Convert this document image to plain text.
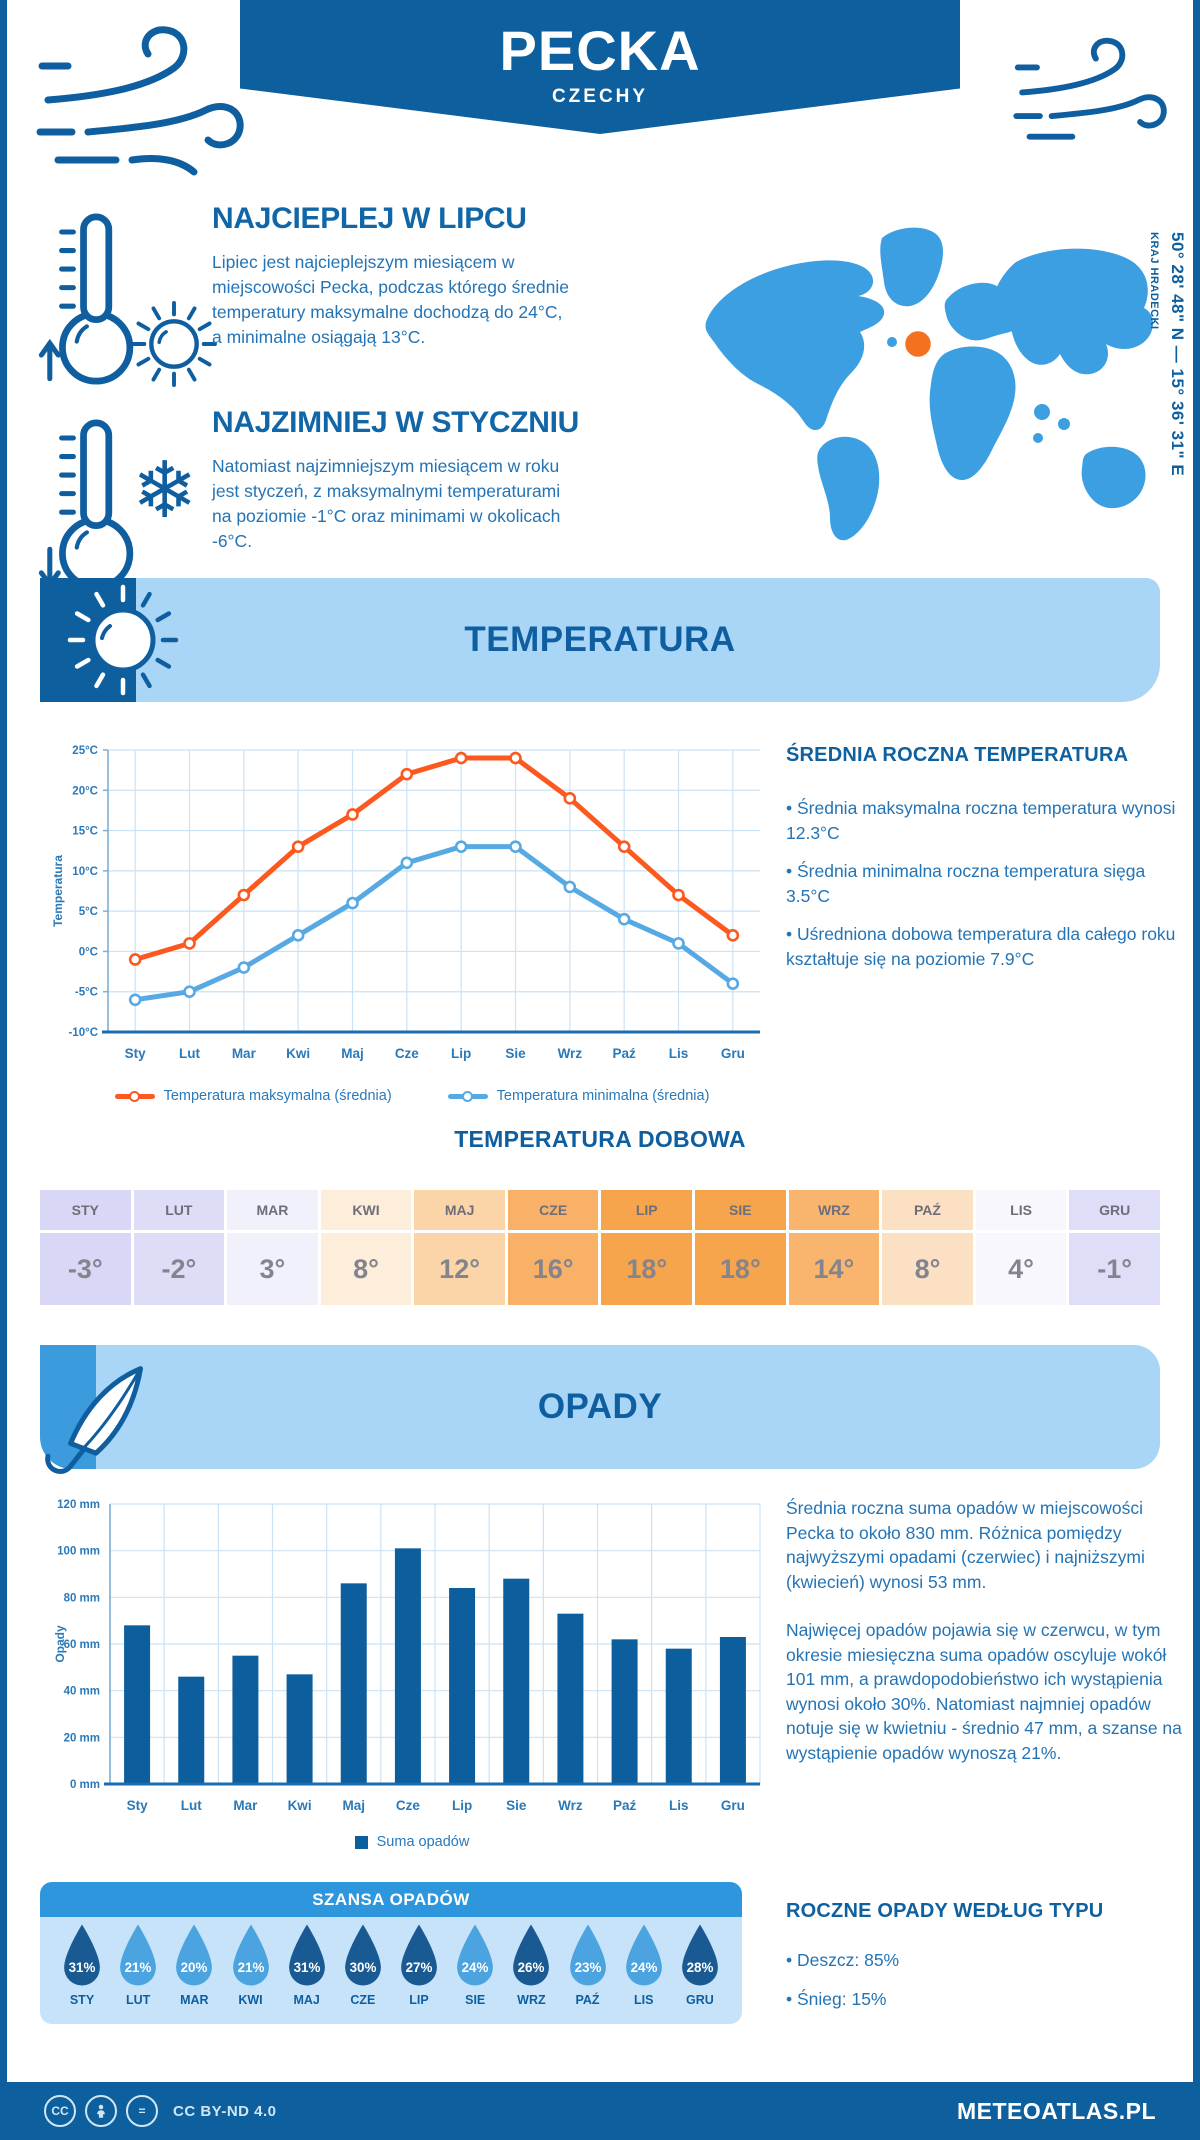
PECKA
CZECHY
NAJCIEPLEJ W LIPCU
Lipiec jest najcieplejszym miesiącem w miejscowości Pecka, podczas którego średnie temperatury maksymalne dochodzą do 24°C, a minimalne osiągają 13°C.
❄
NAJZIMNIEJ W STYCZNIU
Natomiast najzimniejszym miesiącem w roku jest styczeń, z maksymalnymi temperaturami na poziomie -1°C oraz minimami w okolicach -6°C.
50° 28' 48" N — 15° 36' 31" E
KRAJ HRADECKI
TEMPERATURA
-10°C
-5°C
0°C
5°C
10°C
15°C
20°C
25°C
Sty Lut Mar Kwi Maj Cze Lip	Sie Wrz Paź Lis Gru
Temperatura
Temperatura maksymalna (średnia)	Temperatura minimalna (średnia)
ŚREDNIA ROCZNA TEMPERATURA
• Średnia maksymalna roczna temperatura wynosi 12.3°C
• Średnia minimalna roczna temperatura sięga 3.5°C
• Uśredniona dobowa temperatura dla całego roku kształtuje się na poziomie 7.9°C
TEMPERATURA DOBOWA
STY
-3°
LUT
-2°
MAR
3°
KWI
8°
MAJ
12°
CZE
16°
LIP
18°
SIE
18°
WRZ
14°
PAŹ
8°
LIS
4°
GRU
-1°
OPADY
0 mm
20 mm
40 mm
60 mm
80 mm
100 mm
120 mm
Sty Lut Mar Kwi Maj Cze Lip	Sie Wrz Paź Lis Gru
Opady
Suma opadów
Średnia roczna suma opadów w miejscowości Pecka to około 830 mm. Różnica pomiędzy najwyższymi opadami (czerwiec) i najniższymi (kwiecień) wynosi 53 mm.
Najwięcej opadów pojawia się w czerwcu, w tym okresie miesięczna suma opadów oscyluje wokół 101 mm, a prawdopodobieństwo ich wystąpienia wynosi około 30%. Natomiast najmniej opadów notuje się w kwietniu - średnio 47 mm, a szanse na wystąpienie opadów wynoszą 21%.
ROCZNE OPADY WEDŁUG TYPU
• Deszcz: 85%
• Śnieg: 15%
SZANSA OPADÓW
31%
STY
21%
LUT
20%
MAR
21%
KWI
31%
MAJ
30%
CZE
27%
LIP
24%
SIE
26%
WRZ
23%
PAŹ
24%
LIS
28%
GRU
CC	=	CC BY-ND 4.0	METEOATLAS.PL
